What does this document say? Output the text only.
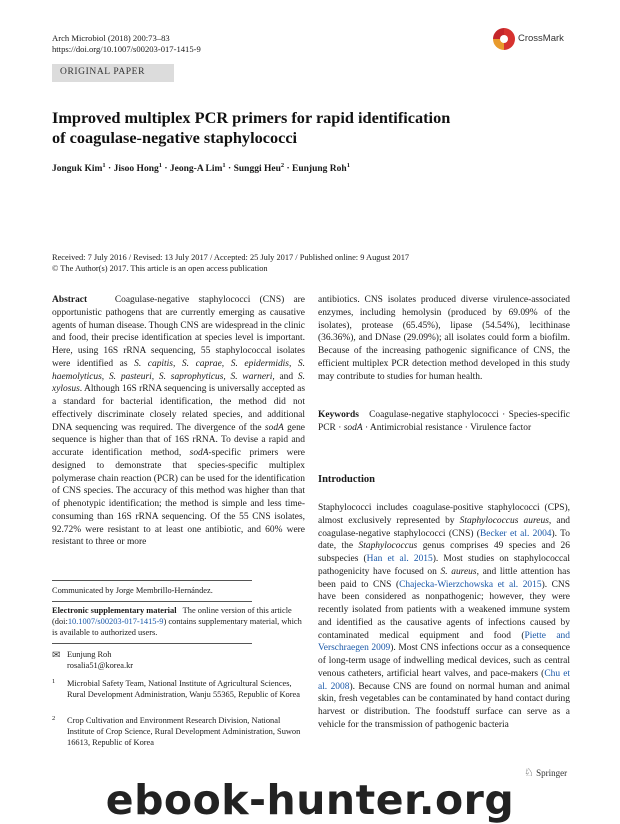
Arch Microbiol (2018) 200:73–83
https://doi.org/10.1007/s00203-017-1415-9
CrossMark
ORIGINAL PAPER
Improved multiplex PCR primers for rapid identification
of coagulase-negative staphylococci
Jonguk Kim$^1$ · Jisoo Hong$^1$ · Jeong-A Lim$^1$ · Sunggi Heu$^2$ · Eunjung Roh$^1$
Received: 7 July 2016 / Revised: 13 July 2017 / Accepted: 25 July 2017 / Published online: 9 August 2017
© The Author(s) 2017. This article is an open access publication
Abstract	Coagulase-negative staphylococci (CNS) are opportunistic pathogens that are currently emerging as causative agents of human disease. Though CNS are widespread in the clinic and food, their precise identification at species level is important. Here, using 16S rRNA sequencing, 55 staphylococcal isolates were identified as S. capitis, S. caprae, S. epidermidis, S. haemolyticus, S. pasteuri, S. saprophyticus, S. warneri, and S. xylosus. Although 16S rRNA sequencing is universally accepted as a standard for bacterial identification, the method did not effectively discriminate closely related species, and additional DNA sequencing was required. The divergence of the sodA gene sequence is higher than that of 16S rRNA. To devise a rapid and accurate identification method, sodA-specific primers were designed to demonstrate that species-specific multiplex polymerase chain reaction (PCR) can be used for the identification of CNS species. The accuracy of this method was higher than that of phenotypic identification; the method is simple and less time-consuming than 16S rRNA sequencing. Of the 55 CNS isolates, 92.72% were resistant to at least one antibiotic, and 60% were resistant to three or more
antibiotics. CNS isolates produced diverse virulence-associated enzymes, including hemolysin (produced by 69.09% of the isolates), protease (65.45%), lipase (54.54%), lecithinase (36.36%), and DNase (29.09%); all isolates could form a biofilm. Because of the increasing pathogenic significance of CNS, the efficient multiplex PCR detection method developed in this study may contribute to studies for human health.
Keywords Coagulase-negative staphylococci · Species-specific PCR · sodA · Antimicrobial resistance · Virulence factor
Introduction
Staphylococci includes coagulase-positive staphylococci (CPS), almost exclusively represented by Staphylococcus aureus, and coagulase-negative staphylococci (CNS) (Becker et al. 2004). To date, the Staphylococcus genus comprises 49 species and 26 subspecies (Han et al. 2015). Most studies on staphylococcal pathogenicity have focused on S. aureus, and little attention has been paid to CNS (Chajecka-Wierzchowska et al. 2015). CNS have been considered as nonpathogenic; however, they were recently isolated from patients with a weakened immune system and identified as the causative agents of infections caused by contaminated medical equipment and food (Piette and Verschraegen 2009). Most CNS infections occur as a consequence of long-term usage of indwelling medical devices, such as central venous catheters, artificial heart valves, and pace-makers (Chu et al. 2008). Because CNS are found on normal human and animal skin, fresh vegetables can be contaminated by hand contact during harvest or distribution. The foodstuff surface can serve as a vehicle for the transmission of pathogenic bacteria
Communicated by Jorge Membrillo-Hernández.
Electronic supplementary material The online version of this article (doi:10.1007/s00203-017-1415-9) contains supplementary material, which is available to authorized users.
✉ Eunjung Roh
rosalia51@korea.kr
1 Microbial Safety Team, National Institute of Agricultural Sciences, Rural Development Administration, Wanju 55365, Republic of Korea
2 Crop Cultivation and Environment Research Division, National Institute of Crop Science, Rural Development Administration, Suwon 16613, Republic of Korea
♘ Springer
ebook-hunter.org
